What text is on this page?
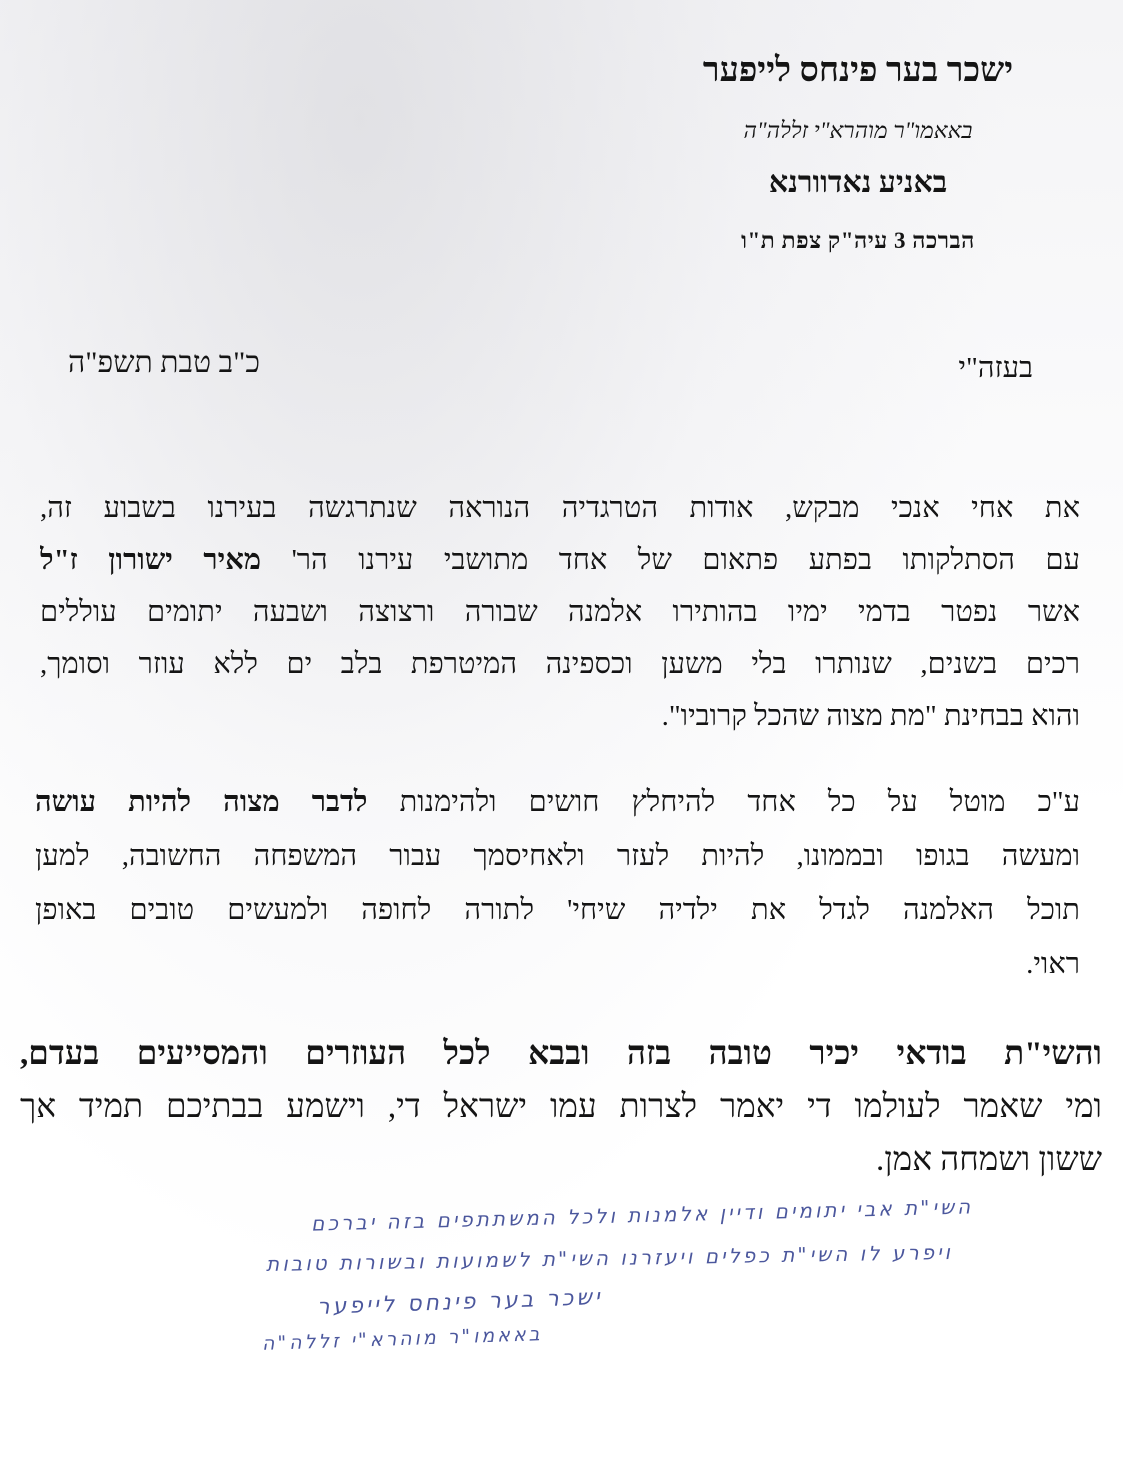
ישכר בער פינחס לייפער
באאמו"ר מוהרא"י זללה"ה
באניע נאדוורנא
הברכה 3 עיה"ק צפת ת"ו
בעזה"י
כ"ב טבת תשפ"ה
את אחי אנכי מבקש, אודות הטרגדיה הנוראה שנתרגשה בעירנו בשבוע זה,
עם הסתלקותו בפתע פתאום של אחד מתושבי עירנו הר' מאיר ישורון ז"ל
אשר נפטר בדמי ימיו בהותירו אלמנה שבורה ורצוצה ושבעה יתומים עוללים
רכים בשנים, שנותרו בלי משען וכספינה המיטרפת בלב ים ללא עוזר וסומך,
והוא בבחינת "מת מצוה שהכל קרוביו".
ע"כ מוטל על כל אחד להיחלץ חושים ולהימנות לדבר מצוה להיות עושה
ומעשה בגופו ובממונו, להיות לעזר ולאחיסמך עבור המשפחה החשובה, למען
תוכל האלמנה לגדל את ילדיה שיחי' לתורה לחופה ולמעשים טובים באופן
ראוי.
והשי"ת בודאי יכיר טובה בזה ובבא לכל העוזרים והמסייעים בעדם,
ומי שאמר לעולמו די יאמר לצרות עמו ישראל די, וישמע בבתיכם תמיד אך
ששון ושמחה אמן.
השי"ת אבי יתומים ודיין אלמנות ולכל המשתתפים בזה יברכם
ויפרע לו השי"ת כפלים ויעזרנו השי"ת לשמועות ובשורות טובות
ישכר בער פינחס לייפער
באאמו"ר מוהרא"י זללה"ה
